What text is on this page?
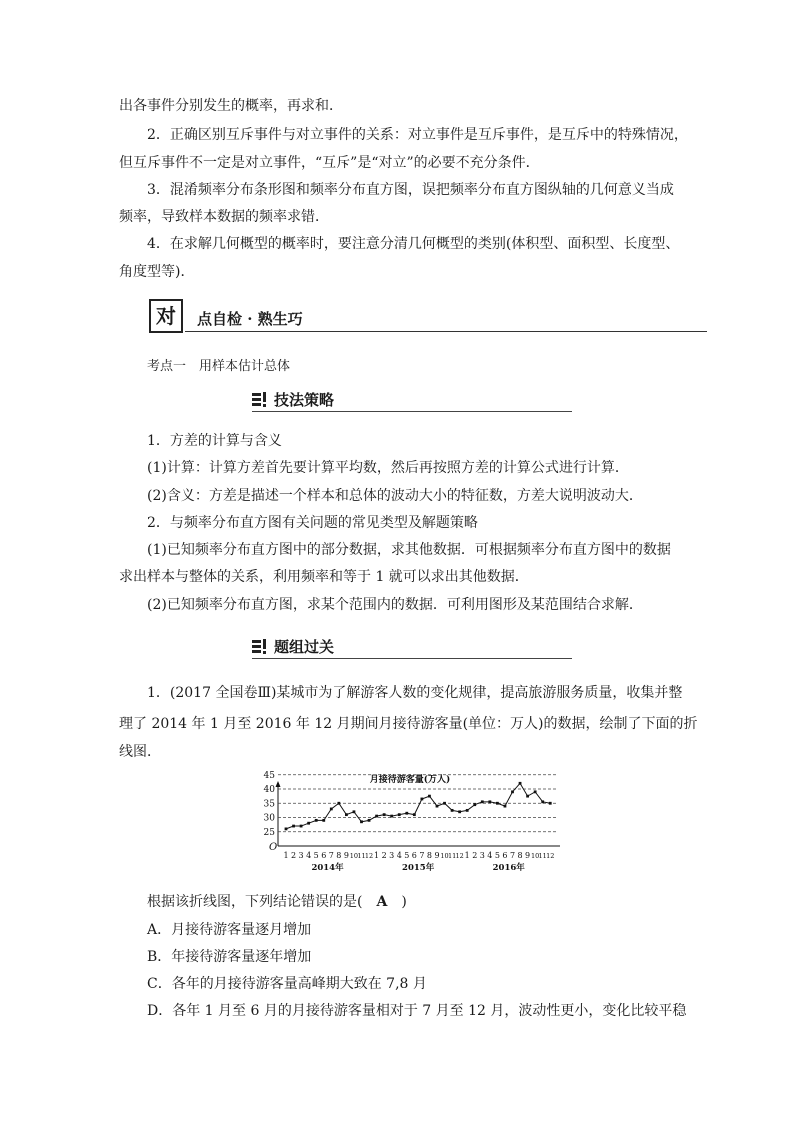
出各事件分别发生的概率，再求和．
2．正确区别互斥事件与对立事件的关系：对立事件是互斥事件，是互斥中的特殊情况，
但互斥事件不一定是对立事件，“互斥”是“对立”的必要不充分条件．
3．混淆频率分布条形图和频率分布直方图，误把频率分布直方图纵轴的几何意义当成
频率，导致样本数据的频率求错．
4．在求解几何概型的概率时，要注意分清几何概型的类别(体积型、面积型、长度型、
角度型等)．
对	点自检 · 熟生巧
考点一　用样本估计总体
技法策略
1．方差的计算与含义
(1)计算：计算方差首先要计算平均数，然后再按照方差的计算公式进行计算．
(2)含义：方差是描述一个样本和总体的波动大小的特征数，方差大说明波动大．
2．与频率分布直方图有关问题的常见类型及解题策略
(1)已知频率分布直方图中的部分数据，求其他数据．可根据频率分布直方图中的数据
求出样本与整体的关系，利用频率和等于 1 就可以求出其他数据．
(2)已知频率分布直方图，求某个范围内的数据．可利用图形及某范围结合求解．
题组过关
1．(2017 全国卷Ⅲ)某城市为了解游客人数的变化规律，提高旅游服务质量，收集并整
理了 2014 年 1 月至 2016 年 12 月期间月接待游客量(单位：万人)的数据，绘制了下面的折
线图．
月接待游客量(万人)
25
30
35
40
45
1 2 3 4 5 6 7 8 9 10 11 12 1 2 3 4 5 6 7 8 9 10 11 12 1 2 3 4 5 6 7 8 9 10 11 12
2014年	2015年	2016年
O
根据该折线图，下列结论错误的是(　A　)
A．月接待游客量逐月增加
B．年接待游客量逐年增加
C．各年的月接待游客量高峰期大致在 7,8 月
D．各年 1 月至 6 月的月接待游客量相对于 7 月至 12 月，波动性更小，变化比较平稳
